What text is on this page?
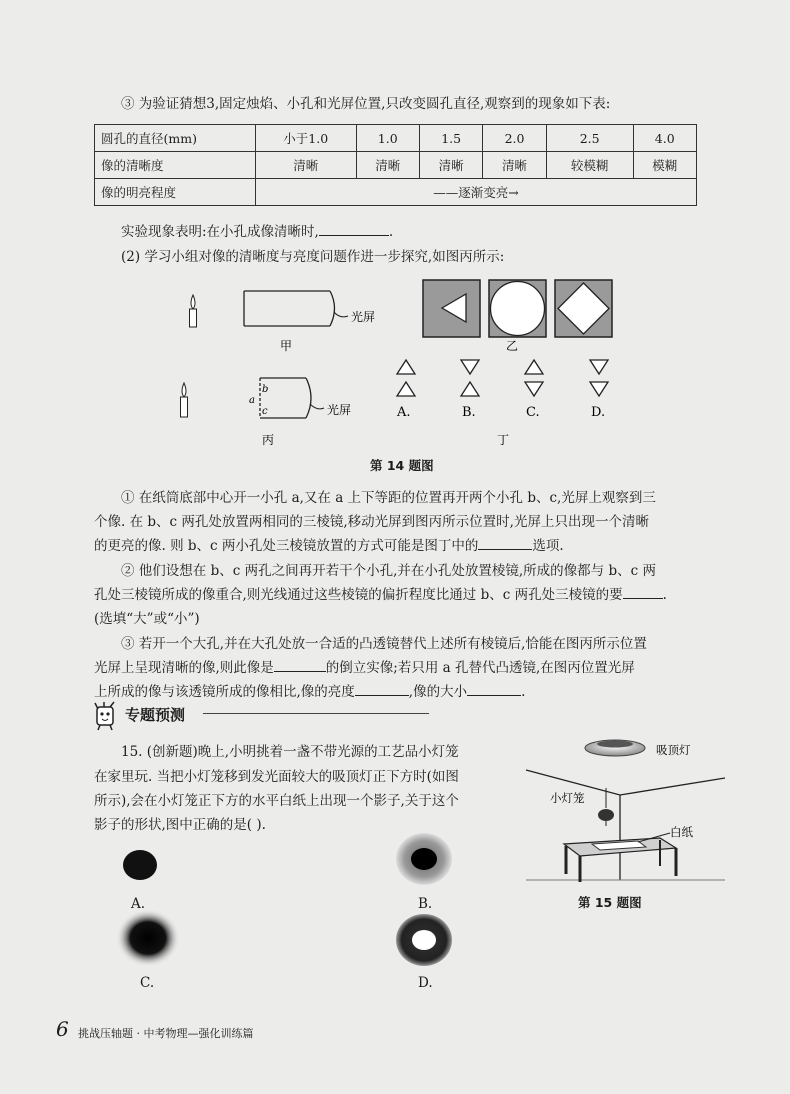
③ 为验证猜想3,固定烛焰、小孔和光屏位置,只改变圆孔直径,观察到的现象如下表:
圆孔的直径(mm)	小于1.0	1.0	1.5	2.0	2.5	4.0
像的清晰度	清晰	清晰	清晰	清晰	较模糊	模糊
像的明亮程度	——逐渐变亮→					
实验现象表明:在小孔成像清晰时,	.
(2) 学习小组对像的清晰度与亮度问题作进一步探究,如图丙所示:
光屏
甲	乙
b
a
c	光屏
丙
A.	B.	C.	D.
丁
第 14 题图
① 在纸筒底部中心开一小孔 a,又在 a 上下等距的位置再开两个小孔 b、c,光屏上观察到三
个像. 在 b、c 两孔处放置两相同的三棱镜,移动光屏到图丙所示位置时,光屏上只出现一个清晰
的更亮的像. 则 b、c 两小孔处三棱镜放置的方式可能是图丁中的	选项.
② 他们设想在 b、c 两孔之间再开若干个小孔,并在小孔处放置棱镜,所成的像都与 b、c 两
孔处三棱镜所成的像重合,则光线通过这些棱镜的偏折程度比通过 b、c 两孔处三棱镜的要	.
(选填“大”或“小”)
③ 若开一个大孔,并在大孔处放一合适的凸透镜替代上述所有棱镜后,恰能在图丙所示位置
光屏上呈现清晰的像,则此像是	的倒立实像;若只用 a 孔替代凸透镜,在图丙位置光屏
上所成的像与该透镜所成的像相比,像的亮度	,像的大小	.
专题预测
15. (创新题)晚上,小明挑着一盏不带光源的工艺品小灯笼
在家里玩. 当把小灯笼移到发光面较大的吸顶灯正下方时(如图
所示),会在小灯笼正下方的水平白纸上出现一个影子,关于这个
影子的形状,图中正确的是( ).
吸顶灯
小灯笼
白纸
第 15 题图
A.	B.
C.	D.
6 挑战压轴题 · 中考物理—强化训练篇
